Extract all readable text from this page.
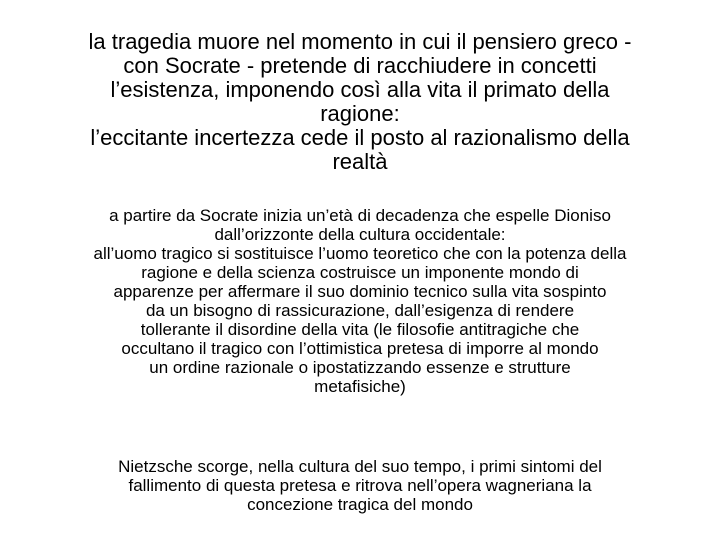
la tragedia muore nel momento in cui il pensiero greco -
con Socrate - pretende di racchiudere in concetti
l’esistenza, imponendo così alla vita il primato della
ragione:
l’eccitante incertezza cede il posto al razionalismo della
realtà
a partire da Socrate inizia un’età di decadenza che espelle Dioniso
dall’orizzonte della cultura occidentale:
all’uomo tragico si sostituisce l’uomo teoretico che con la potenza della
ragione e della scienza costruisce un imponente mondo di
apparenze per affermare il suo dominio tecnico sulla vita sospinto
da un bisogno di rassicurazione, dall’esigenza di rendere
tollerante il disordine della vita (le filosofie antitragiche che
occultano il tragico con l’ottimistica pretesa di imporre al mondo
un ordine razionale o ipostatizzando essenze e strutture
metafisiche)
Nietzsche scorge, nella cultura del suo tempo, i primi sintomi del
fallimento di questa pretesa e ritrova nell’opera wagneriana la
concezione tragica del mondo
